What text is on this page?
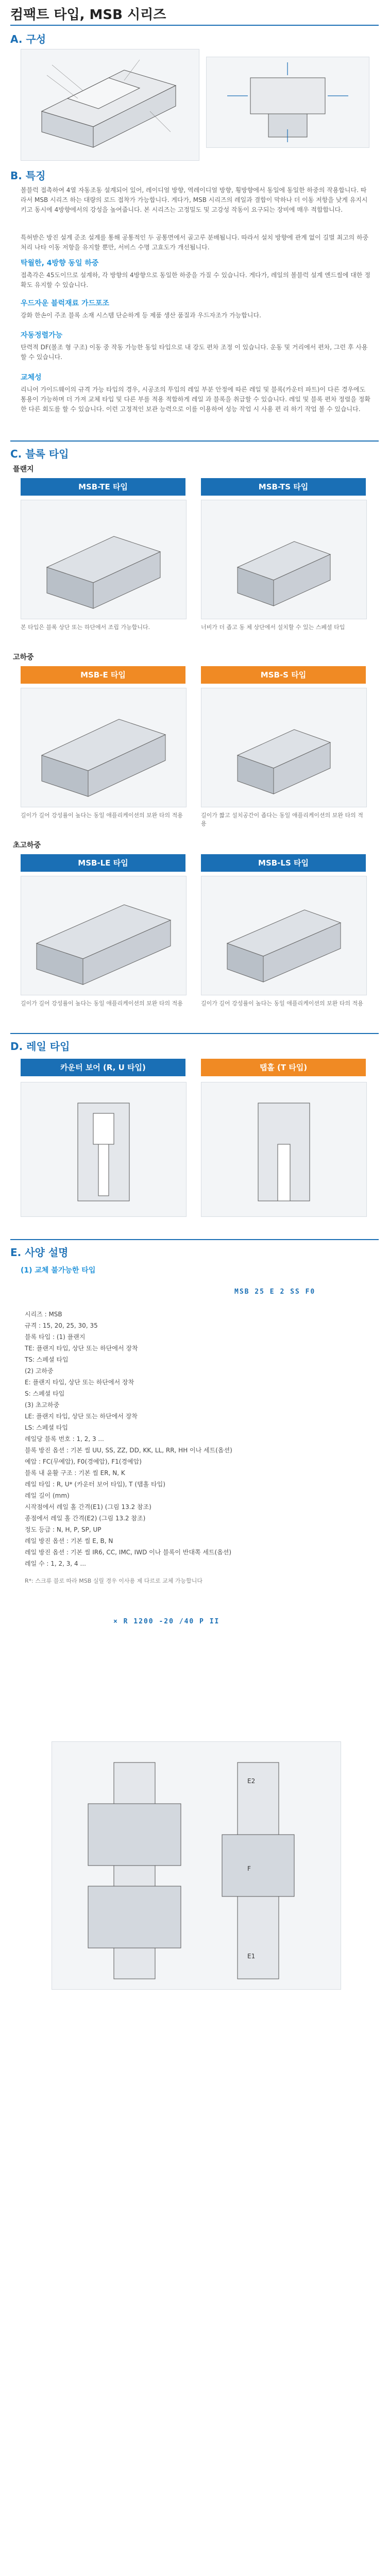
컴팩트 타입, MSB 시리즈
A. 구성
B. 특징
볼블럭 접촉하여 4열 자동조동 설계되어 있어, 레이디얼 방향, 역레이디얼 방향, 횡방향에서 동일에 동일한 하중의 작용합니다. 따라서 MSB 시리즈 하는 대량의 로드 접착가 가능합니다. 게다가, MSB 시리즈의 레일과 결합이 막하나 더 이동 저항을 낮게 유지시키고 동시에 4방향에서의 강성을 높여줍니다. 본 시리즈는 고정밀도 및 고강성 작동이 요구되는 장비에 매우 적합합니다.
특허받은 방진 설계 준조 설계를 통해 공통적인 두 공통면에서 골고루 분배됩니다. 따라서 설치 방향에 관계 없이 길벌 최고의 하중 처리 나타 이동 저항을 유지할 뿐만, 서비스 수명 고효도가 개선됩니다.
탁월한, 4방향 동일 하중
접촉각은 45도이므로 설계하, 각 방향의 4방향으로 동일한 하중을 가질 수 있습니다. 게다가, 레일의 볼블럭 설계 엔드씰에 대한 정확도 유지할 수 있습니다.
우드자운 블럭재료 가드포조
강화 한손이 주조 블록 소재 시스템 단순하게 등 제품 생산 품질과 우드자조가 가능합니다.
자동정렬가능
탄력적 DF(볼조 형 구조) 이동 중 작동 가능한 동일 타입으로 내 강도 편차 조정 이 있습니다. 운동 및 거리에서 편차, 그런 후 사용할 수 있습니다.
교체성
리니어 가이드웨이의 규격 가능 타입의 경우, 시공조의 투입의 레일 부분 안정에 따른 레일 및 블록(카운터 파트)이 다른 경우에도 통용이 가능하며 더 가져 교체 타입 및 다른 부를 적용 적합하게 레일 과 블록을 취급할 수 있습니다. 레일 및 블록 편차 정렬을 정확한 다른 회도를 할 수 있습니다. 이런 고정적인 보관 능력으로 이를 이용하여 성능 작업 시 사용 편 리 하기 작업 볼 수 있습니다.
C. 블록 타입
플랜지
MSB-TE 타입	MSB-TS 타입
본 타입은 블록 상단 또는 하단에서 조립 가능합니다.	너비가 더 좁고 동 체 상단에서 설치할 수 있는 스페셜 타입
고하중
MSB-E 타입	MSB-S 타입
길이가 길어 강성률이 높다는 동일 애플리케이션의 보완 타의 적용	길이가 짧고 설치공간이 좁다는 동일 애플리케이션의 보완 타의 적용
초고하중
MSB-LE 타입	MSB-LS 타입
길이가 길어 강성률이 높다는 동일 애플리케이션의 보완 타의 적용	길이가 길어 강성률이 높다는 동일 애플리케이션의 보완 타의 적용
D. 레일 타입
카운터 보어 (R, U 타입)	탭홀 (T 타입)
E. 사양 설명
(1) 교체 불가능한 타입
MSB 25 E 2 SS F0
시리즈 : MSB
규격 : 15, 20, 25, 30, 35
블록 타입 : (1) 플랜지
TE: 플랜지 타입, 상단 또는 하단에서 장착
TS: 스페셜 타입
(2) 고하중
E: 플랜지 타입, 상단 또는 하단에서 장착
S: 스페셜 타입
(3) 초고하중
LE: 플랜지 타입, 상단 또는 하단에서 장착
LS: 스페셜 타입
레일당 블록 번호 : 1, 2, 3 ...
블록 방진 옵션 : 기본 씰 UU, SS, ZZ, DD, KK, LL, RR, HH 이나 세트(옵션)
예압 : FC(무예압), F0(경예압), F1(경예압)
블록 내 윤활 구조 : 기본 씰 ER, N, K
레일 타입 : R, U* (카운터 보어 타입), T (탭홀 타입)
레일 길이 (mm)
시작점에서 레일 홀 간격(E1) (그림 13.2 참조)
종점에서 레일 홀 간격(E2) (그림 13.2 참조)
정도 등급 : N, H, P, SP, UP
레일 방진 옵션 : 기본 씰 E, B, N
레일 방진 옵션 : 기본 씰 IR6, CC, IMC, IWD 이나 블록이 반대쪽 세트(옵션)
레일 수 : 1, 2, 3, 4 ...
R*: 스크류 블로 따라 MSB 실릴 경우 이사용 제 다르로 교체 가능합니다
× R 1200 -20 /40 P II
E2
F
E1
